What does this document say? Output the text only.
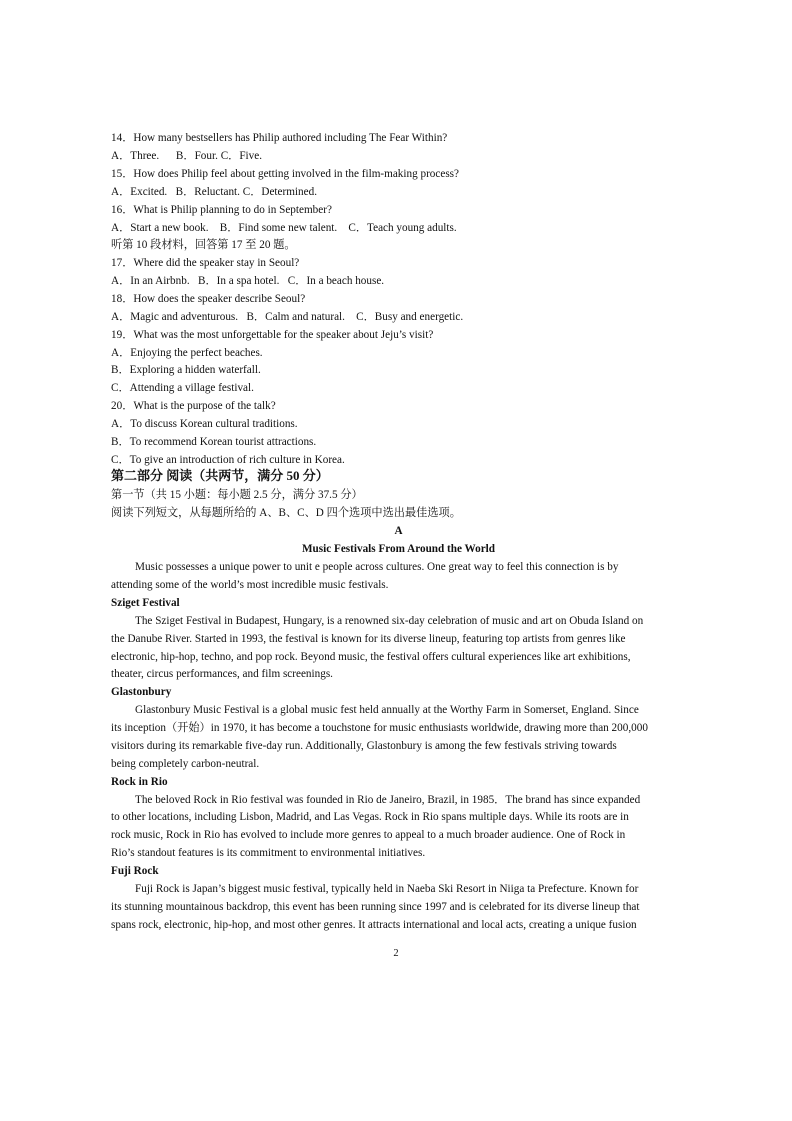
14．How many bestsellers has Philip authored including The Fear Within?
A．Three.      B．Four. C．Five.
15．How does Philip feel about getting involved in the film-making process?
A．Excited.   B．Reluctant. C．Determined.
16．What is Philip planning to do in September?
A．Start a new book.    B．Find some new talent.    C．Teach young adults.
听第 10 段材料，回答第 17 至 20 题。
17．Where did the speaker stay in Seoul?
A．In an Airbnb.   B．In a spa hotel.   C．In a beach house.
18．How does the speaker describe Seoul?
A．Magic and adventurous.   B．Calm and natural.    C．Busy and energetic.
19．What was the most unforgettable for the speaker about Jeju’s visit?
A．Enjoying the perfect beaches.
B．Exploring a hidden waterfall.
C．Attending a village festival.
20．What is the purpose of the talk?
A．To discuss Korean cultural traditions.
B．To recommend Korean tourist attractions.
C．To give an introduction of rich culture in Korea.
第二部分 阅读（共两节，满分 50 分）
第一节（共 15 小题：每小题 2.5 分，满分 37.5 分）
阅读下列短文，从每题所给的 A、B、C、D 四个选项中选出最佳选项。
A
Music Festivals From Around the World
Music possesses a unique power to unit e people across cultures. One great way to feel this connection is by
attending some of the world’s most incredible music festivals.
Sziget Festival
The Sziget Festival in Budapest, Hungary, is a renowned six-day celebration of music and art on Obuda Island on
the Danube River. Started in 1993, the festival is known for its diverse lineup, featuring top artists from genres like
electronic, hip-hop, techno, and pop rock. Beyond music, the festival offers cultural experiences like art exhibitions,
theater, circus performances, and film screenings.
Glastonbury
Glastonbury Music Festival is a global music fest held annually at the Worthy Farm in Somerset, England. Since
its inception（开始）in 1970, it has become a touchstone for music enthusiasts worldwide, drawing more than 200,000
visitors during its remarkable five-day run. Additionally, Glastonbury is among the few festivals striving towards
being completely carbon-neutral.
Rock in Rio
The beloved Rock in Rio festival was founded in Rio de Janeiro, Brazil, in 1985．The brand has since expanded
to other locations, including Lisbon, Madrid, and Las Vegas. Rock in Rio spans multiple days. While its roots are in
rock music, Rock in Rio has evolved to include more genres to appeal to a much broader audience. One of Rock in
Rio’s standout features is its commitment to environmental initiatives.
Fuji Rock
Fuji Rock is Japan’s biggest music festival, typically held in Naeba Ski Resort in Niiga ta Prefecture. Known for
its stunning mountainous backdrop, this event has been running since 1997 and is celebrated for its diverse lineup that
spans rock, electronic, hip-hop, and most other genres. It attracts international and local acts, creating a unique fusion
2
